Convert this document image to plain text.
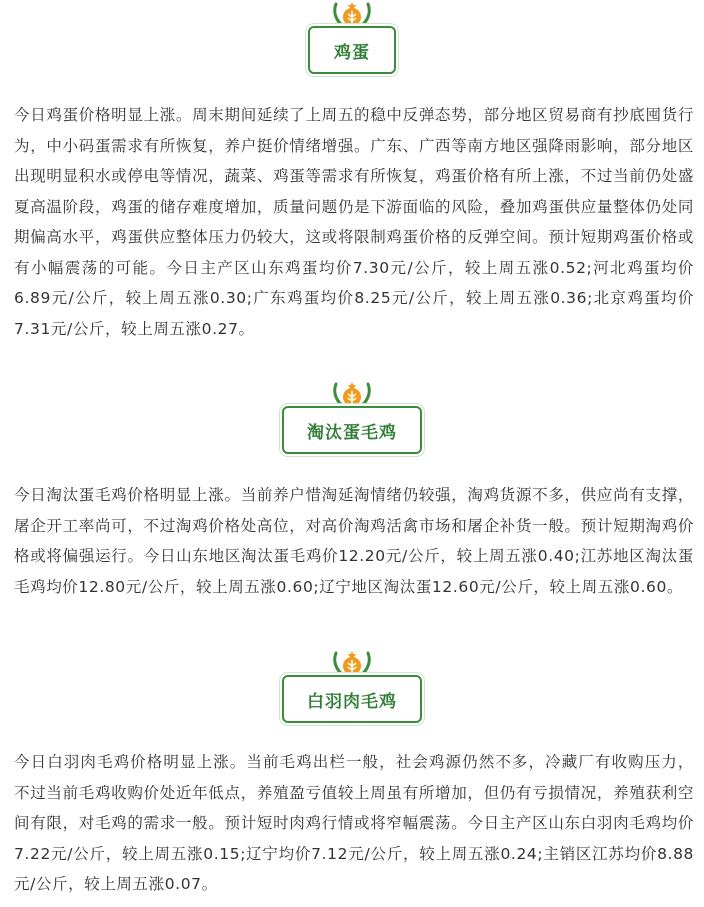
鸡蛋

今日鸡蛋价格明显上涨。周末期间延续了上周五的稳中反弹态势，部分地区贸易商有抄底囤货行为，中小码蛋需求有所恢复，养户挺价情绪增强。广东、广西等南方地区强降雨影响，部分地区出现明显积水或停电等情况，蔬菜、鸡蛋等需求有所恢复，鸡蛋价格有所上涨，不过当前仍处盛夏高温阶段，鸡蛋的储存难度增加，质量问题仍是下游面临的风险，叠加鸡蛋供应量整体仍处同期偏高水平，鸡蛋供应整体压力仍较大，这或将限制鸡蛋价格的反弹空间。预计短期鸡蛋价格或有小幅震荡的可能。今日主产区山东鸡蛋均价7.30元/公斤，较上周五涨0.52;河北鸡蛋均价6.89元/公斤，较上周五涨0.30;广东鸡蛋均价8.25元/公斤，较上周五涨0.36;北京鸡蛋均价7.31元/公斤，较上周五涨0.27。

淘汰蛋毛鸡

今日淘汰蛋毛鸡价格明显上涨。当前养户惜淘延淘情绪仍较强，淘鸡货源不多，供应尚有支撑，屠企开工率尚可，不过淘鸡价格处高位，对高价淘鸡活禽市场和屠企补货一般。预计短期淘鸡价格或将偏强运行。今日山东地区淘汰蛋毛鸡价12.20元/公斤，较上周五涨0.40;江苏地区淘汰蛋毛鸡均价12.80元/公斤，较上周五涨0.60;辽宁地区淘汰蛋12.60元/公斤，较上周五涨0.60。

白羽肉毛鸡

今日白羽肉毛鸡价格明显上涨。当前毛鸡出栏一般，社会鸡源仍然不多，冷藏厂有收购压力， 不过当前毛鸡收购价处近年低点，养殖盈亏值较上周虽有所增加，但仍有亏损情况，养殖获利空间有限，对毛鸡的需求一般。预计短时肉鸡行情或将窄幅震荡。今日主产区山东白羽肉毛鸡均价7.22元/公斤，较上周五涨0.15;辽宁均价7.12元/公斤，较上周五涨0.24;主销区江苏均价8.88元/公斤，较上周五涨0.07。
